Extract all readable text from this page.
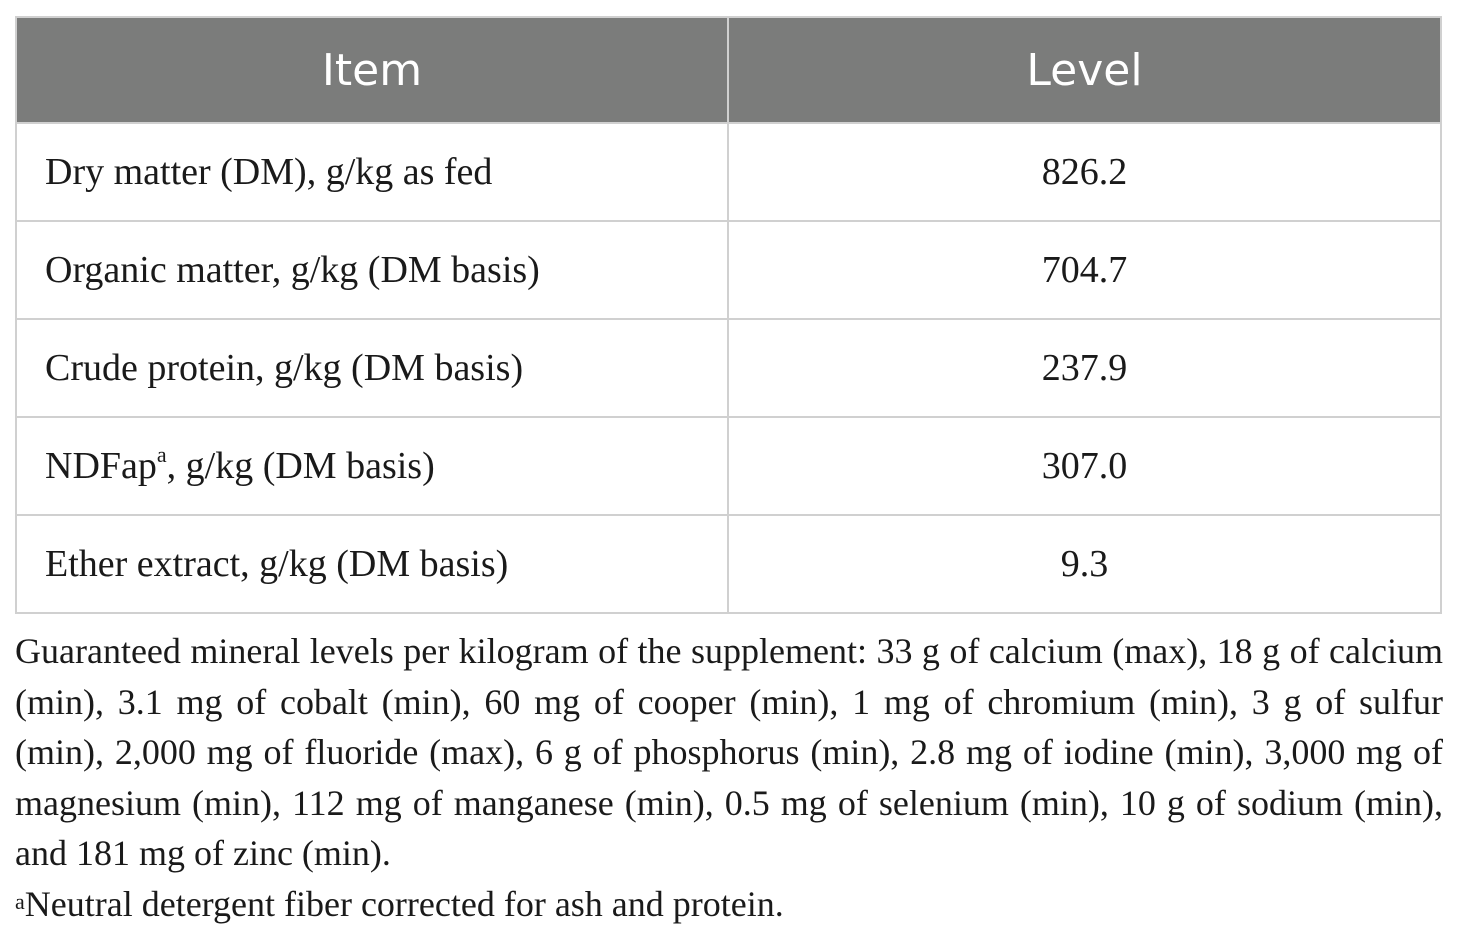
Item	Level
Dry matter (DM), g/kg as fed	826.2
Organic matter, g/kg (DM basis)	704.7
Crude protein, g/kg (DM basis)	237.9
NDFap$^a$, g/kg (DM basis)	307.0
Ether extract, g/kg (DM basis)	9.3

Guaranteed mineral levels per kilogram of the supplement: 33 g of calcium (max), 18 g of calcium (min), 3.1 mg of cobalt (min), 60 mg of cooper (min), 1 mg of chromium (min), 3 g of sulfur (min), 2,000 mg of fluoride (max), 6 g of phosphorus (min), 2.8 mg of iodine (min), 3,000 mg of magnesium (min), 112 mg of manganese (min), 0.5 mg of selenium (min), 10 g of sodium (min), and 181 mg of zinc (min).

$^a$Neutral detergent fiber corrected for ash and protein.
